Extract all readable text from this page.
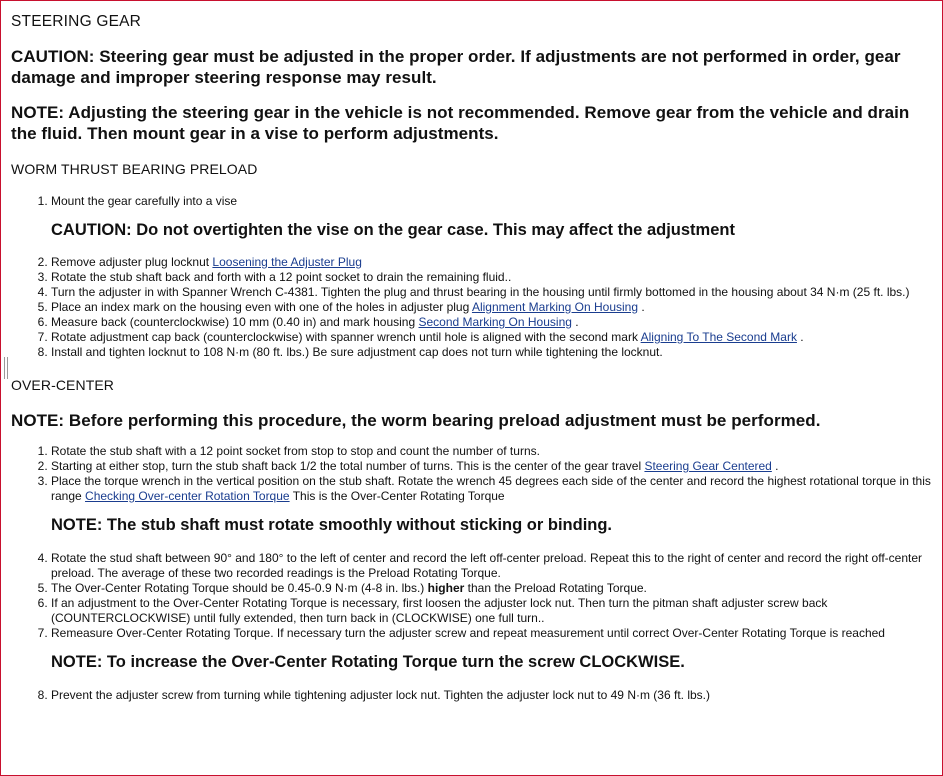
STEERING GEAR

CAUTION: Steering gear must be adjusted in the proper order. If adjustments are not performed in order, gear damage and improper steering response may result.

NOTE: Adjusting the steering gear in the vehicle is not recommended. Remove gear from the vehicle and drain the fluid. Then mount gear in a vise to perform adjustments.

WORM THRUST BEARING PRELOAD
1. Mount the gear carefully into a vise

CAUTION: Do not overtighten the vise on the gear case. This may affect the adjustment

2. Remove adjuster plug locknut Loosening the Adjuster Plug
3. Rotate the stub shaft back and forth with a 12 point socket to drain the remaining fluid..
4. Turn the adjuster in with Spanner Wrench C-4381. Tighten the plug and thrust bearing in the housing until firmly bottomed in the housing about 34 N·m (25 ft. lbs.)
5. Place an index mark on the housing even with one of the holes in adjuster plug Alignment Marking On Housing .
6. Measure back (counterclockwise) 10 mm (0.40 in) and mark housing Second Marking On Housing .
7. Rotate adjustment cap back (counterclockwise) with spanner wrench until hole is aligned with the second mark Aligning To The Second Mark .
8. Install and tighten locknut to 108 N·m (80 ft. lbs.) Be sure adjustment cap does not turn while tightening the locknut.
OVER-CENTER

NOTE: Before performing this procedure, the worm bearing preload adjustment must be performed.

1. Rotate the stub shaft with a 12 point socket from stop to stop and count the number of turns.
2. Starting at either stop, turn the stub shaft back 1/2 the total number of turns. This is the center of the gear travel Steering Gear Centered .
3. Place the torque wrench in the vertical position on the stub shaft. Rotate the wrench 45 degrees each side of the center and record the highest rotational torque in this range Checking Over-center Rotation Torque This is the Over-Center Rotating Torque

NOTE: The stub shaft must rotate smoothly without sticking or binding.

4. Rotate the stud shaft between 90° and 180° to the left of center and record the left off-center preload. Repeat this to the right of center and record the right off-center preload. The average of these two recorded readings is the Preload Rotating Torque.
5. The Over-Center Rotating Torque should be 0.45-0.9 N·m (4-8 in. lbs.) higher than the Preload Rotating Torque.
6. If an adjustment to the Over-Center Rotating Torque is necessary, first loosen the adjuster lock nut. Then turn the pitman shaft adjuster screw back (COUNTERCLOCKWISE) until fully extended, then turn back in (CLOCKWISE) one full turn..
7. Remeasure Over-Center Rotating Torque. If necessary turn the adjuster screw and repeat measurement until correct Over-Center Rotating Torque is reached

NOTE: To increase the Over-Center Rotating Torque turn the screw CLOCKWISE.

8. Prevent the adjuster screw from turning while tightening adjuster lock nut. Tighten the adjuster lock nut to 49 N·m (36 ft. lbs.)
